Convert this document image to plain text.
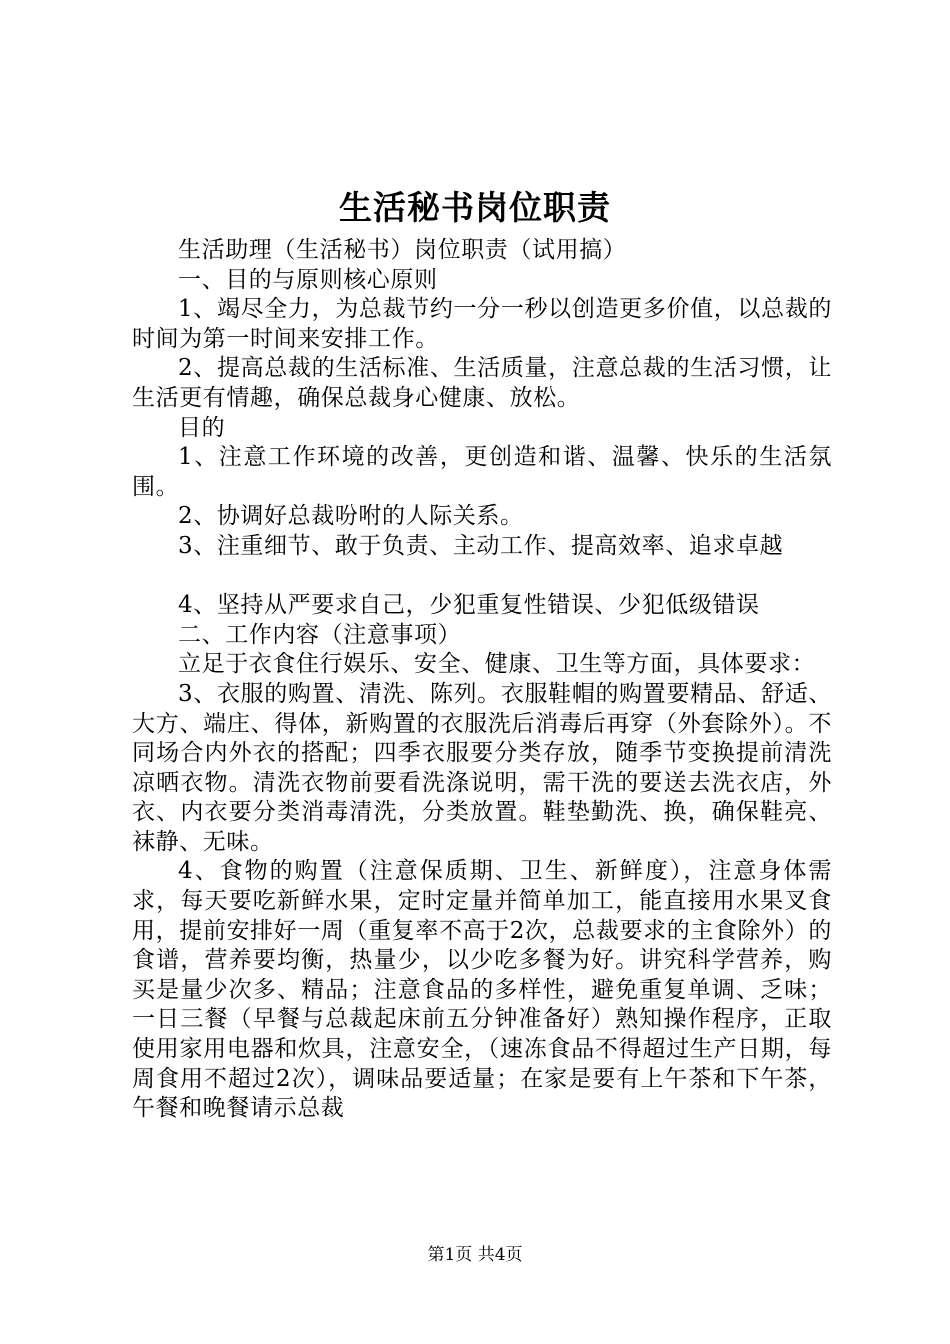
生活秘书岗位职责

生活助理（生活秘书）岗位职责（试用搞）

一、目的与原则核心原则

1、竭尽全力，为总裁节约一分一秒以创造更多价值，以总裁的时间为第一时间来安排工作。

2、提高总裁的生活标准、生活质量，注意总裁的生活习惯，让生活更有情趣，确保总裁身心健康、放松。

目的

1、注意工作环境的改善，更创造和谐、温馨、快乐的生活氛围。

2、协调好总裁吩咐的人际关系。

3、注重细节、敢于负责、主动工作、提高效率、追求卓越

4、坚持从严要求自己，少犯重复性错误、少犯低级错误

二、工作内容（注意事项）

立足于衣食住行娱乐、安全、健康、卫生等方面，具体要求：

3、衣服的购置、清洗、陈列。衣服鞋帽的购置要精品、舒适、大方、端庄、得体，新购置的衣服洗后消毒后再穿（外套除外）。不同场合内外衣的搭配；四季衣服要分类存放，随季节变换提前清洗凉晒衣物。清洗衣物前要看洗涤说明，需干洗的要送去洗衣店，外衣、内衣要分类消毒清洗，分类放置。鞋垫勤洗、换，确保鞋亮、袜静、无味。

4、食物的购置（注意保质期、卫生、新鲜度），注意身体需求，每天要吃新鲜水果，定时定量并简单加工，能直接用水果叉食用，提前安排好一周（重复率不高于2次，总裁要求的主食除外）的食谱，营养要均衡，热量少，以少吃多餐为好。讲究科学营养，购买是量少次多、精品；注意食品的多样性，避免重复单调、乏味；一日三餐（早餐与总裁起床前五分钟准备好）熟知操作程序，正取使用家用电器和炊具，注意安全，（速冻食品不得超过生产日期，每周食用不超过2次），调味品要适量；在家是要有上午茶和下午茶，午餐和晚餐请示总裁

第1页 共4页
